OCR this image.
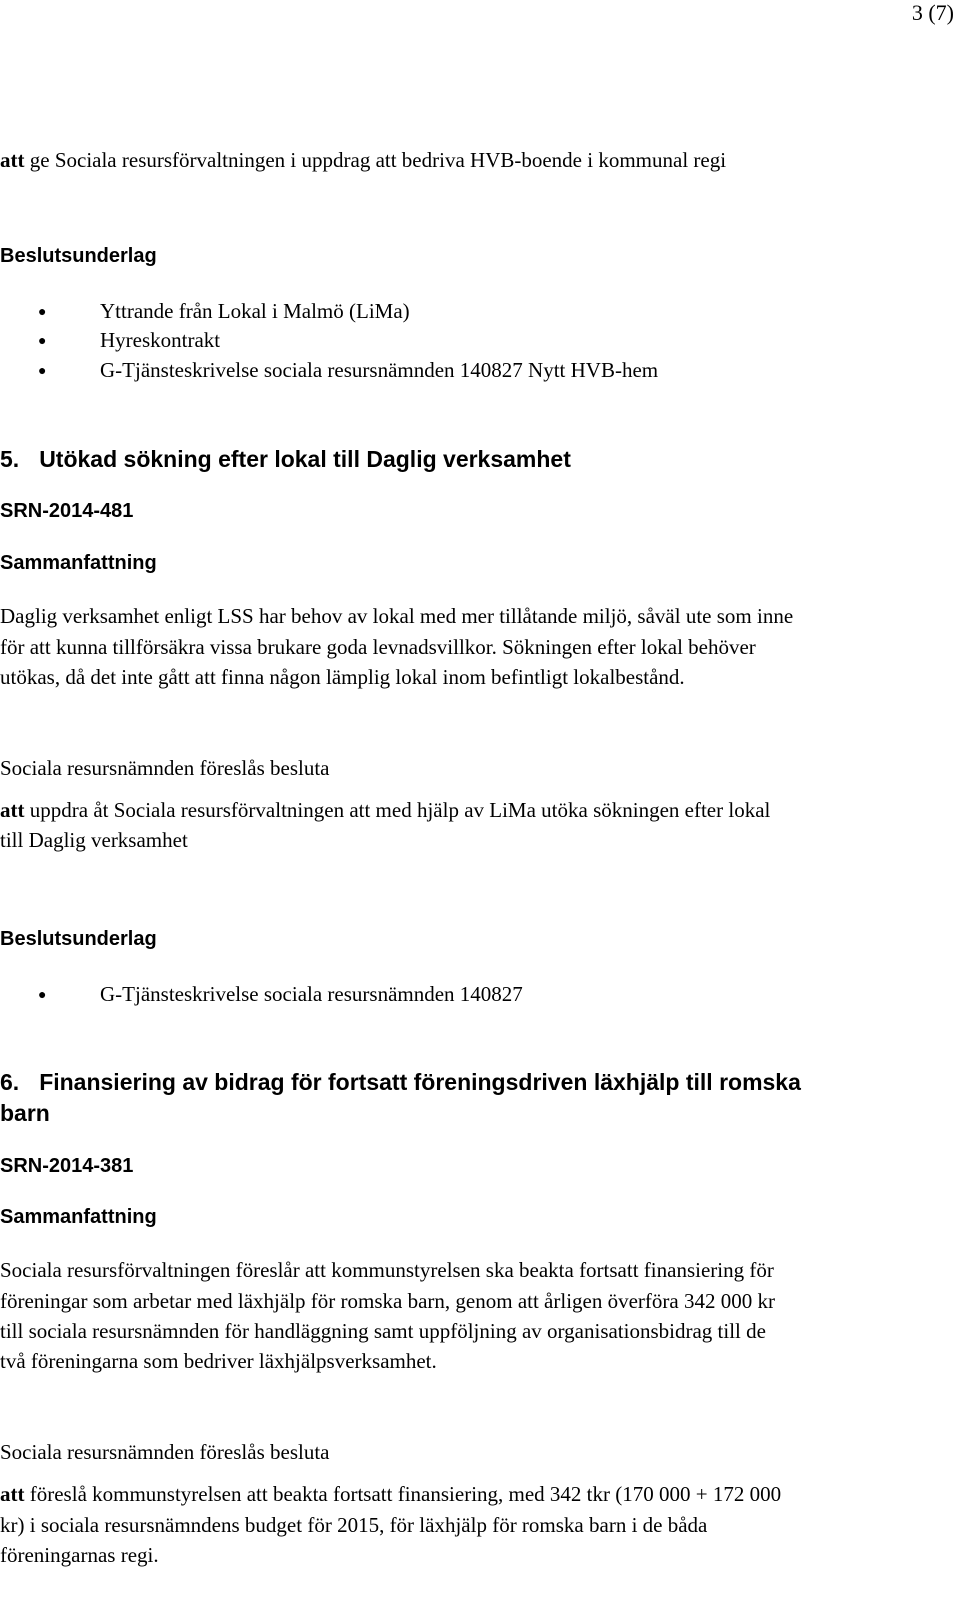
3 (7)
att ge Sociala resursförvaltningen i uppdrag att bedriva HVB-boende i kommunal regi
Beslutsunderlag
●	Yttrande från Lokal i Malmö (LiMa)
●	Hyreskontrakt
●	G-Tjänsteskrivelse sociala resursnämnden 140827 Nytt HVB-hem
5. Utökad sökning efter lokal till Daglig verksamhet
SRN-2014-481
Sammanfattning
Daglig verksamhet enligt LSS har behov av lokal med mer tillåtande miljö, såväl ute som inne
för att kunna tillförsäkra vissa brukare goda levnadsvillkor. Sökningen efter lokal behöver
utökas, då det inte gått att finna någon lämplig lokal inom befintligt lokalbestånd.
Sociala resursnämnden föreslås besluta
att uppdra åt Sociala resursförvaltningen att med hjälp av LiMa utöka sökningen efter lokal
till Daglig verksamhet
Beslutsunderlag
●	G-Tjänsteskrivelse sociala resursnämnden 140827
6. Finansiering av bidrag för fortsatt föreningsdriven läxhjälp till romska
barn
SRN-2014-381
Sammanfattning
Sociala resursförvaltningen föreslår att kommunstyrelsen ska beakta fortsatt finansiering för
föreningar som arbetar med läxhjälp för romska barn, genom att årligen överföra 342 000 kr
till sociala resursnämnden för handläggning samt uppföljning av organisationsbidrag till de
två föreningarna som bedriver läxhjälpsverksamhet.
Sociala resursnämnden föreslås besluta
att föreslå kommunstyrelsen att beakta fortsatt finansiering, med 342 tkr (170 000 + 172 000
kr) i sociala resursnämndens budget för 2015, för läxhjälp för romska barn i de båda
föreningarnas regi.
